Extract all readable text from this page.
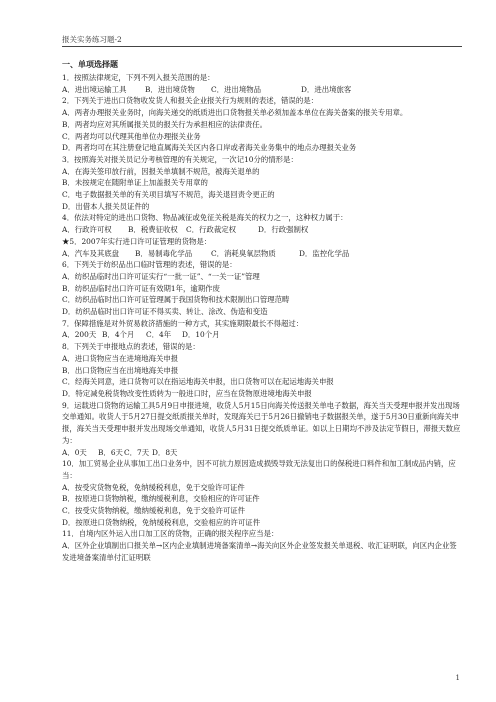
报关实务练习题-2
一、单项选择题
1．按照法律规定，下列不列入报关范围的是：
A．进出境运输工具	B．进出境货物	C．进出境物品	D．进出境旅客
2．下列关于进出口货物收发货人和报关企业报关行为规则的表述，错误的是：
A．两者办理报关业务时，向海关递交的纸质进出口货物报关单必须加盖本单位在海关备案的报关专用章。
B．两者均应对其所属报关员的报关行为承担相应的法律责任。
C．两者均可以代理其他单位办理报关业务
D．两者均可在其注册登记地直属海关关区内各口岸或者海关业务集中的地点办理报关业务
3．按照海关对报关员记分考核管理的有关规定，一次记10分的情形是：
A．在海关签印放行前，因报关单填制不规范，被海关退单的
B．未按规定在随附单证上加盖报关专用章的
C．电子数据报关单的有关项目填写不规范，海关退回责令更正的
D．出借本人报关员证件的
4．依法对特定的进出口货物、物品减征或免征关税是海关的权力之一，这种权力属于：
A．行政许可权	B．税费征收权	C．行政裁定权	D．行政强制权
★5．2007年实行进口许可证管理的货物是：
A．汽车及其底盘	B．易制毒化学品	C．消耗臭氧层物质	D．监控化学品
6．下列关于纺织品出口临时管理的表述，错误的是：
A．纺织品临时出口许可证实行“一批一证”、“一关一证”管理
B．纺织品临时出口许可证有效期1年，逾期作废
C．纺织品临时出口许可证管理属于我国货物和技术限制出口管理范畴
D．纺织品临时出口许可证不得买卖、转让、涂改、伪造和变造
7．保障措施是对外贸易救济措施的一种方式，其实施期限最长不得超过：
A．200天 B．4个月	C．4年	D．10个月
8．下列关于申报地点的表述，错误的是：
A．进口货物应当在进境地海关申报
B．出口货物应当在出境地海关申报
C．经海关同意，进口货物可以在指运地海关申报，出口货物可以在起运地海关申报
D．特定减免税货物改变性质转为一般进口时，应当在货物原进境地海关申报
9．运载进口货物的运输工具5月9日申报进境，收货人5月15日向海关传送报关单电子数据，海关当天受理申报并发出现场交单通知。收货人于5月27日提交纸质报关单时，发现海关已于5月26日撤销电子数据报关单，遂于5月30日重新向海关申报，海关当天受理申报并发出现场交单通知，收货人5月31日提交纸质单证。如以上日期均不涉及法定节假日，滞报天数应为：
A．0天	B．6天 C．7天 D．8天
10．加工贸易企业从事加工出口业务中，因不可抗力原因造成损毁导致无法复出口的保税进口料件和加工制成品内销，应当：
A．按受灾货物免税，免纳缓税利息，免于交验许可证件
B．按原进口货物纳税，缴纳缓税利息，交验相应的许可证件
C．按受灾货物纳税，缴纳缓税利息，免于交验许可证件
D．按原进口货物纳税，免纳缓税利息，交验相应的许可证件
11．自境内区外运入出口加工区的货物，正确的报关程序应当是：
A．区外企业填制出口报关单→区内企业填制进境备案清单→海关向区外企业签发报关单退税、收汇证明联，向区内企业签发进境备案清单付汇证明联
1
